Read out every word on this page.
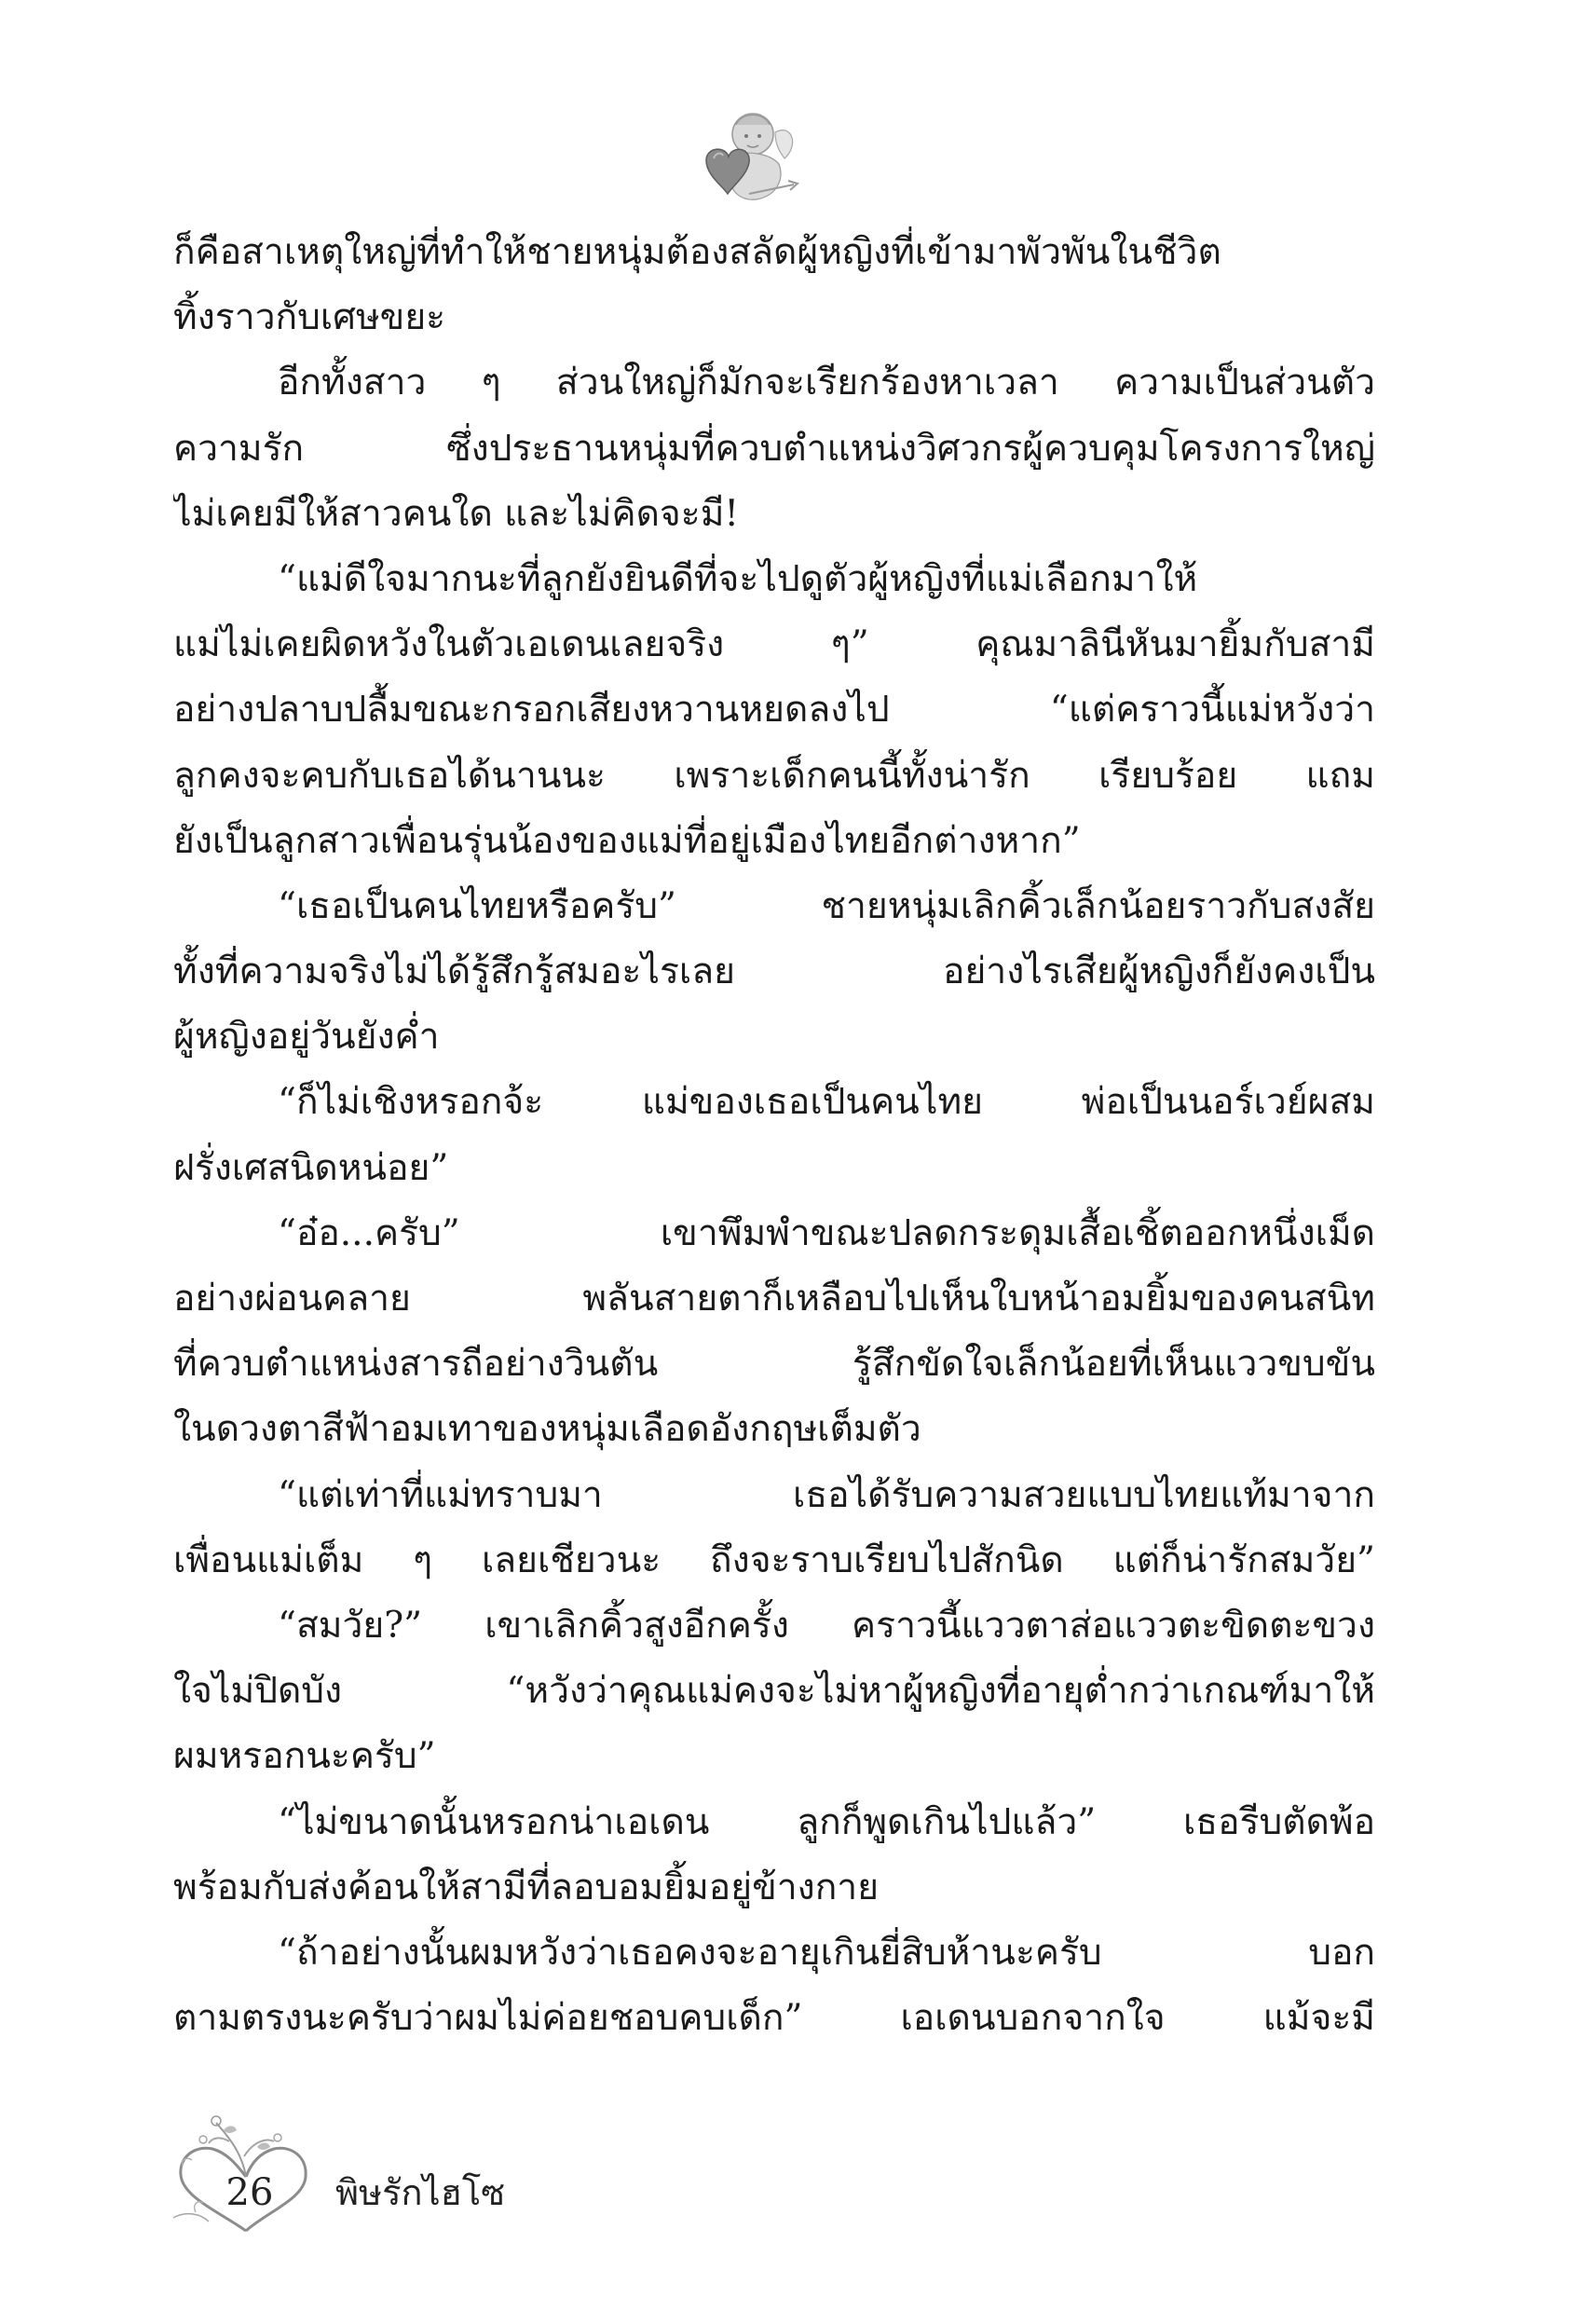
ก็คือสาเหตุใหญ่ที่ทำให้ชายหนุ่มต้องสลัดผู้หญิงที่เข้ามาพัวพันในชีวิต
ทิ้งราวกับเศษขยะ
อีกทั้งสาว ๆ ส่วนใหญ่ก็มักจะเรียกร้องหาเวลา ความเป็นส่วนตัว
ความรัก ซึ่งประธานหนุ่มที่ควบตำแหน่งวิศวกรผู้ควบคุมโครงการใหญ่
ไม่เคยมีให้สาวคนใด และไม่คิดจะมี!
“แม่ดีใจมากนะที่ลูกยังยินดีที่จะไปดูตัวผู้หญิงที่แม่เลือกมาให้
แม่ไม่เคยผิดหวังในตัวเอเดนเลยจริง ๆ” คุณมาลินีหันมายิ้มกับสามี
อย่างปลาบปลื้มขณะกรอกเสียงหวานหยดลงไป “แต่คราวนี้แม่หวังว่า
ลูกคงจะคบกับเธอได้นานนะ เพราะเด็กคนนี้ทั้งน่ารัก เรียบร้อย แถม
ยังเป็นลูกสาวเพื่อนรุ่นน้องของแม่ที่อยู่เมืองไทยอีกต่างหาก”
“เธอเป็นคนไทยหรือครับ” ชายหนุ่มเลิกคิ้วเล็กน้อยราวกับสงสัย
ทั้งที่ความจริงไม่ได้รู้สึกรู้สมอะไรเลย อย่างไรเสียผู้หญิงก็ยังคงเป็น
ผู้หญิงอยู่วันยังค่ำ
“ก็ไม่เชิงหรอกจ้ะ แม่ของเธอเป็นคนไทย พ่อเป็นนอร์เวย์ผสม
ฝรั่งเศสนิดหน่อย”
“อ๋อ...ครับ” เขาพึมพำขณะปลดกระดุมเสื้อเชิ้ตออกหนึ่งเม็ด
อย่างผ่อนคลาย พลันสายตาก็เหลือบไปเห็นใบหน้าอมยิ้มของคนสนิท
ที่ควบตำแหน่งสารถีอย่างวินตัน รู้สึกขัดใจเล็กน้อยที่เห็นแววขบขัน
ในดวงตาสีฟ้าอมเทาของหนุ่มเลือดอังกฤษเต็มตัว
“แต่เท่าที่แม่ทราบมา เธอได้รับความสวยแบบไทยแท้มาจาก
เพื่อนแม่เต็ม ๆ เลยเชียวนะ ถึงจะราบเรียบไปสักนิด แต่ก็น่ารักสมวัย”
“สมวัย?” เขาเลิกคิ้วสูงอีกครั้ง คราวนี้แววตาส่อแววตะขิดตะขวง
ใจไม่ปิดบัง “หวังว่าคุณแม่คงจะไม่หาผู้หญิงที่อายุต่ำกว่าเกณฑ์มาให้
ผมหรอกนะครับ”
“ไม่ขนาดนั้นหรอกน่าเอเดน ลูกก็พูดเกินไปแล้ว” เธอรีบตัดพ้อ
พร้อมกับส่งค้อนให้สามีที่ลอบอมยิ้มอยู่ข้างกาย
“ถ้าอย่างนั้นผมหวังว่าเธอคงจะอายุเกินยี่สิบห้านะครับ บอก
ตามตรงนะครับว่าผมไม่ค่อยชอบคบเด็ก” เอเดนบอกจากใจ แม้จะมี
26	พิษรักไฮโซ
